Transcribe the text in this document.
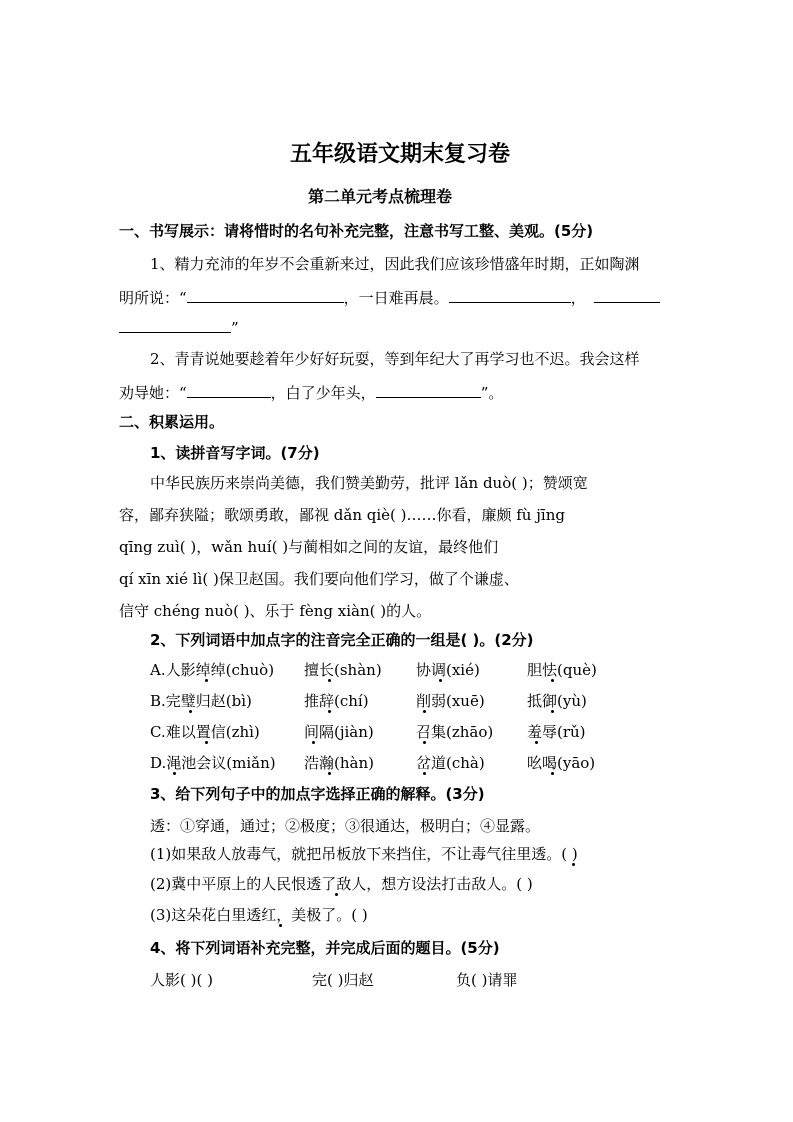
五年级语文期末复习卷
第二单元考点梳理卷
一、书写展示：请将惜时的名句补充完整，注意书写工整、美观。(5分)
1、精力充沛的年岁不会重新来过，因此我们应该珍惜盛年时期，正如陶渊
明所说：“	，一日难再晨。	，
”
2、青青说她要趁着年少好好玩耍，等到年纪大了再学习也不迟。我会这样
劝导她：“	，白了少年头，	”。
二、积累运用。
1、读拼音写字词。(7分)
中华民族历来崇尚美德，我们赞美勤劳，批评 lǎn duò( )；赞颂宽
容，鄙弃狭隘；歌颂勇敢，鄙视 dǎn qiè( )……你看，廉颇 fù jīng
qīng zuì( )，wǎn huí( )与蔺相如之间的友谊，最终他们
qí xīn xié lì( )保卫赵国。我们要向他们学习，做了个谦虚、
信守 chéng nuò( )、乐于 fèng xiàn( )的人。
2、下列词语中加点字的注音完全正确的一组是( )。(2分)
A.人影绰绰(chuò) 擅长(shàn) 协调(xié)	胆怯(què)
B.完璧归赵(bì)	推辞(chí)	削弱(xuē)	抵御(yù)
C.难以置信(zhì)	间隔(jiàn)	召集(zhāo) 羞辱(rǔ)
D.渑池会议(miǎn) 浩瀚(hàn)	岔道(chà)	吆喝(yāo)
3、给下列句子中的加点字选择正确的解释。(3分)
透：①穿通，通过；②极度；③很通达，极明白；④显露。
(1)如果敌人放毒气，就把吊板放下来挡住，不让毒气往里透。( )
(2)冀中平原上的人民恨透了敌人，想方设法打击敌人。( )
(3)这朵花白里透红，美极了。( )
4、将下列词语补充完整，并完成后面的题目。(5分)
人影( )( )	完( )归赵	负( )请罪
